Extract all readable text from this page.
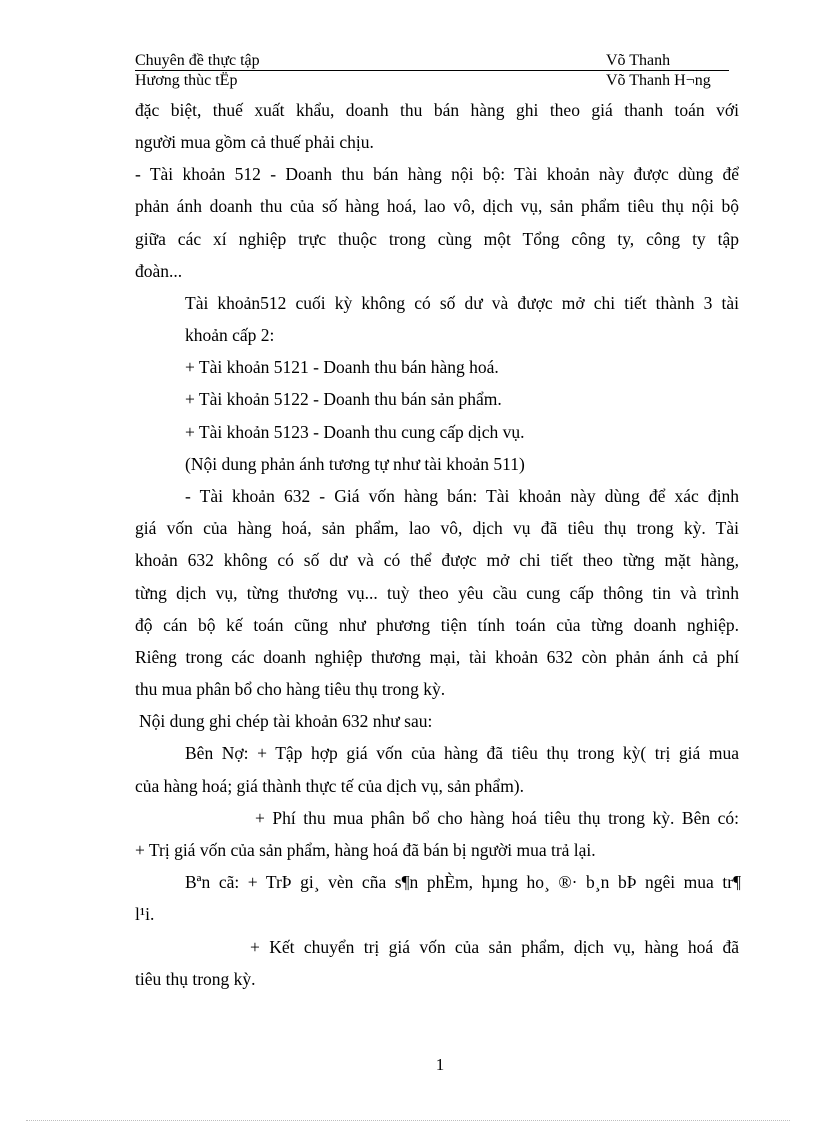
Chuyên đề thực tập	Võ Thanh
Hương thùc tËp	Võ Thanh H¬ng
đặc biệt, thuế xuất khẩu, doanh thu bán hàng ghi theo giá thanh toán với
người mua gồm cả thuế phải chịu.
- Tài khoản 512 - Doanh thu bán hàng nội bộ: Tài khoản này được dùng để
phản ánh doanh thu của số hàng hoá, lao vô, dịch vụ, sản phẩm tiêu thụ nội bộ
giữa các xí nghiệp trực thuộc trong cùng một Tổng công ty, công ty tập
đoàn...
Tài khoản512 cuối kỳ không có số dư và được mở chi tiết thành 3 tài
khoản cấp 2:
+ Tài khoản 5121 - Doanh thu bán hàng hoá.
+ Tài khoản 5122 - Doanh thu bán sản phẩm.
+ Tài khoản 5123 - Doanh thu cung cấp dịch vụ.
(Nội dung phản ánh tương tự như tài khoản 511)
- Tài khoản 632 - Giá vốn hàng bán: Tài khoản này dùng để xác định
giá vốn của hàng hoá, sản phẩm, lao vô, dịch vụ đã tiêu thụ trong kỳ. Tài
khoản 632 không có số dư và có thể được mở chi tiết theo từng mặt hàng,
từng dịch vụ, từng thương vụ... tuỳ theo yêu cầu cung cấp thông tin và trình
độ cán bộ kế toán cũng như phương tiện tính toán của từng doanh nghiệp.
Riêng trong các doanh nghiệp thương mại, tài khoản 632 còn phản ánh cả phí
thu mua phân bổ cho hàng tiêu thụ trong kỳ.
Nội dung ghi chép tài khoản 632 như sau:
Bên Nợ: + Tập hợp giá vốn của hàng đã tiêu thụ trong kỳ( trị giá mua
của hàng hoá; giá thành thực tế của dịch vụ, sản phẩm).
+ Phí thu mua phân bổ cho hàng hoá tiêu thụ trong kỳ. Bên có:
+ Trị giá vốn của sản phẩm, hàng hoá đã bán bị người mua trả lại.
Bªn cã: + TrÞ gi¸ vèn cña s¶n phÈm, hµng ho¸ ®· b¸n bÞ ngêi mua tr¶
l¹i.
+ Kết chuyển trị giá vốn của sản phẩm, dịch vụ, hàng hoá đã
tiêu thụ trong kỳ.
1
